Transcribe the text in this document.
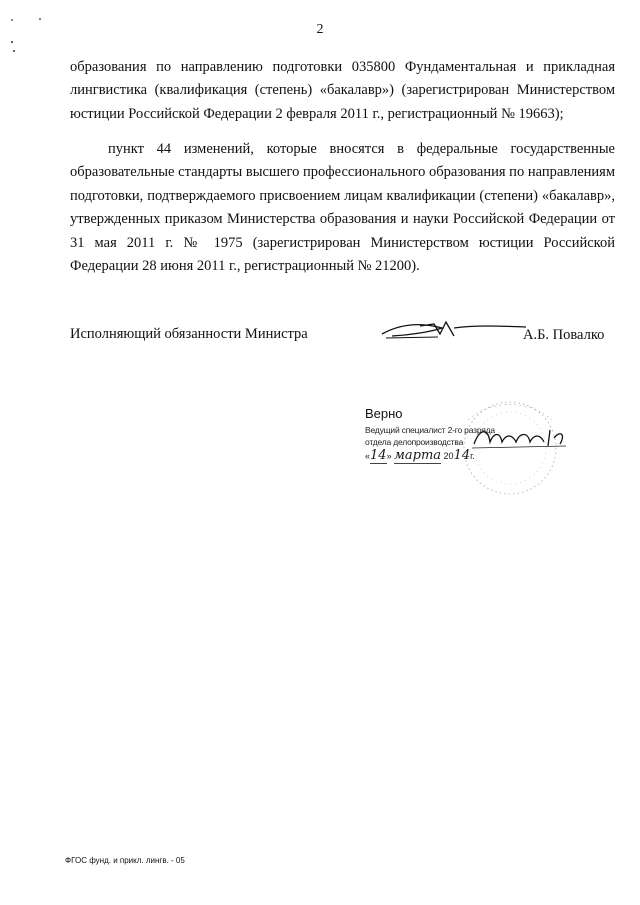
2

образования по направлению подготовки 035800 Фундаментальная и прикладная лингвистика (квалификация (степень) «бакалавр») (зарегистрирован Министерством юстиции Российской Федерации 2 февраля 2011 г., регистрационный № 19663);

пункт 44 изменений, которые вносятся в федеральные государственные образовательные стандарты высшего профессионального образования по направлениям подготовки, подтверждаемого присвоением лицам квалификации (степени) «бакалавр», утвержденных приказом Министерства образования и науки Российской Федерации от 31 мая 2011 г. № 1975 (зарегистрирован Министерством юстиции Российской Федерации 28 июня 2011 г., регистрационный № 21200).

Исполняющий обязанности Министра	А.Б. Повалко
Верно
Ведущий специалист 2-го разряда
отдела делопроизводства
«14» марта 2014г.
ФГОС фунд. и прикл. лингв. - 05
